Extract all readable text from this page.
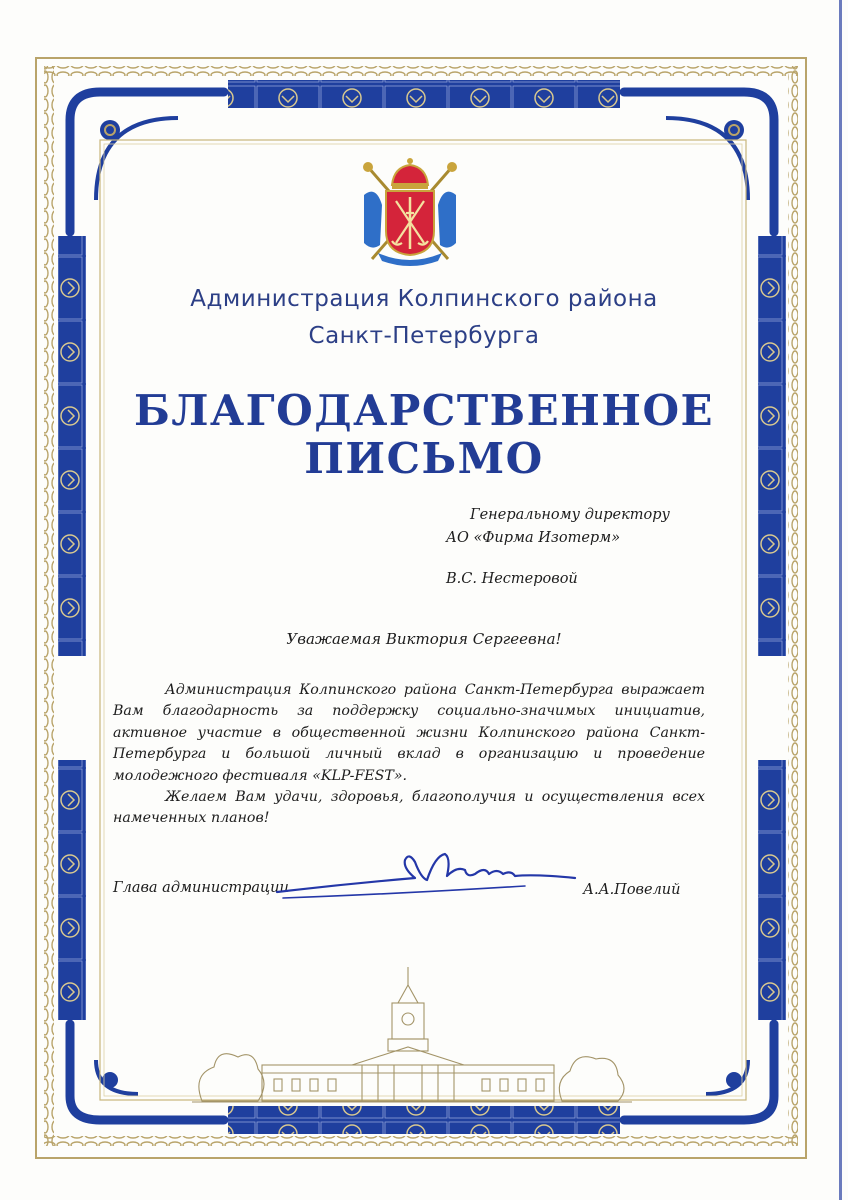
Администрация Колпинского района
Санкт-Петербурга
БЛАГОДАРСТВЕННОЕ
ПИСЬМО
Генеральному директору
АО «Фирма Изотерм»
В.С. Нестеровой
Уважаемая Виктория Сергеевна!

Администрация Колпинского района Санкт-Петербурга выражает Вам благодарность за поддержку социально-значимых инициатив, активное участие в общественной жизни Колпинского района Санкт-Петербурга и большой личный вклад в организацию и проведение молодежного фестиваля «KLP-FEST».

Желаем Вам удачи, здоровья, благополучия и осуществления всех намеченных планов!

Глава администрации	А.А.Повелий
